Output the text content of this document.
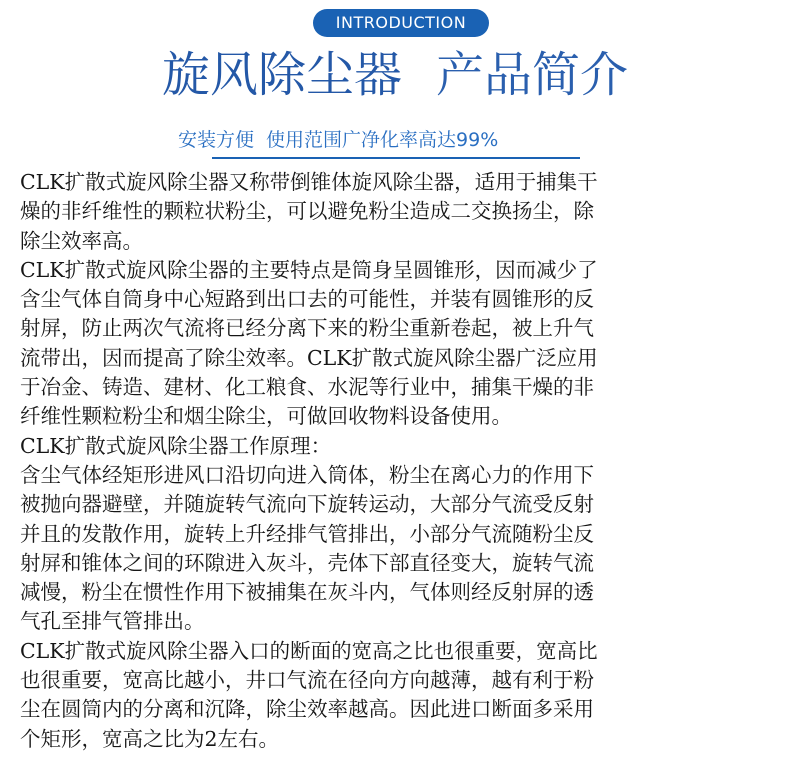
INTRODUCTION
旋风除尘器 产品简介
安装方便 使用范围广净化率高达99%
CLK扩散式旋风除尘器又称带倒锥体旋风除尘器，适用于捕集干
燥的非纤维性的颗粒状粉尘，可以避免粉尘造成二交换扬尘，除
除尘效率高。
CLK扩散式旋风除尘器的主要特点是筒身呈圆锥形，因而减少了
含尘气体自筒身中心短路到出口去的可能性，并装有圆锥形的反
射屏，防止两次气流将已经分离下来的粉尘重新卷起，被上升气
流带出，因而提高了除尘效率。CLK扩散式旋风除尘器广泛应用
于冶金、铸造、建材、化工粮食、水泥等行业中，捕集干燥的非
纤维性颗粒粉尘和烟尘除尘，可做回收物料设备使用。
CLK扩散式旋风除尘器工作原理：
含尘气体经矩形进风口沿切向进入筒体，粉尘在离心力的作用下
被抛向器避壁，并随旋转气流向下旋转运动，大部分气流受反射
并且的发散作用，旋转上升经排气管排出，小部分气流随粉尘反
射屏和锥体之间的环隙进入灰斗，壳体下部直径变大，旋转气流
减慢，粉尘在惯性作用下被捕集在灰斗内，气体则经反射屏的透
气孔至排气管排出。
CLK扩散式旋风除尘器入口的断面的宽高之比也很重要，宽高比
也很重要，宽高比越小，井口气流在径向方向越薄，越有利于粉
尘在圆筒内的分离和沉降，除尘效率越高。因此进口断面多采用
个矩形，宽高之比为2左右。
